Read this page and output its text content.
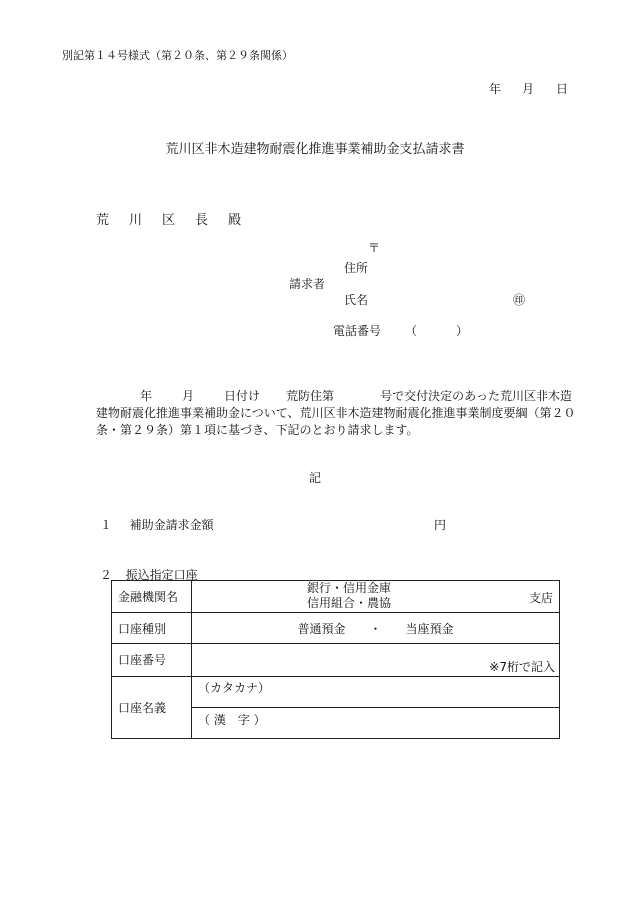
別記第１４号様式（第２０条、第２９条関係）
年 月 日
荒川区非木造建物耐震化推進事業補助金支払請求書
荒 川 区 長 殿
〒
住所
請求者
氏名	㊞
電話番号 （	）
年	月	日付け 荒防住第	号で交付決定のあった荒川区非木造建物耐震化推進事業補助金について、荒川区非木造建物耐震化推進事業制度要綱（第２０条・第２９条）第１項に基づき、下記のとおり請求します。
記
１ 補助金請求金額	円
２ 振込指定口座
金融機関名	銀行・信用金庫
信用組合・農協 支店

口座種別	普通預金　　・　　当座預金
口座番号	※7桁で記入

口座名義	（カタカナ）
	（ 漢　字 ）
